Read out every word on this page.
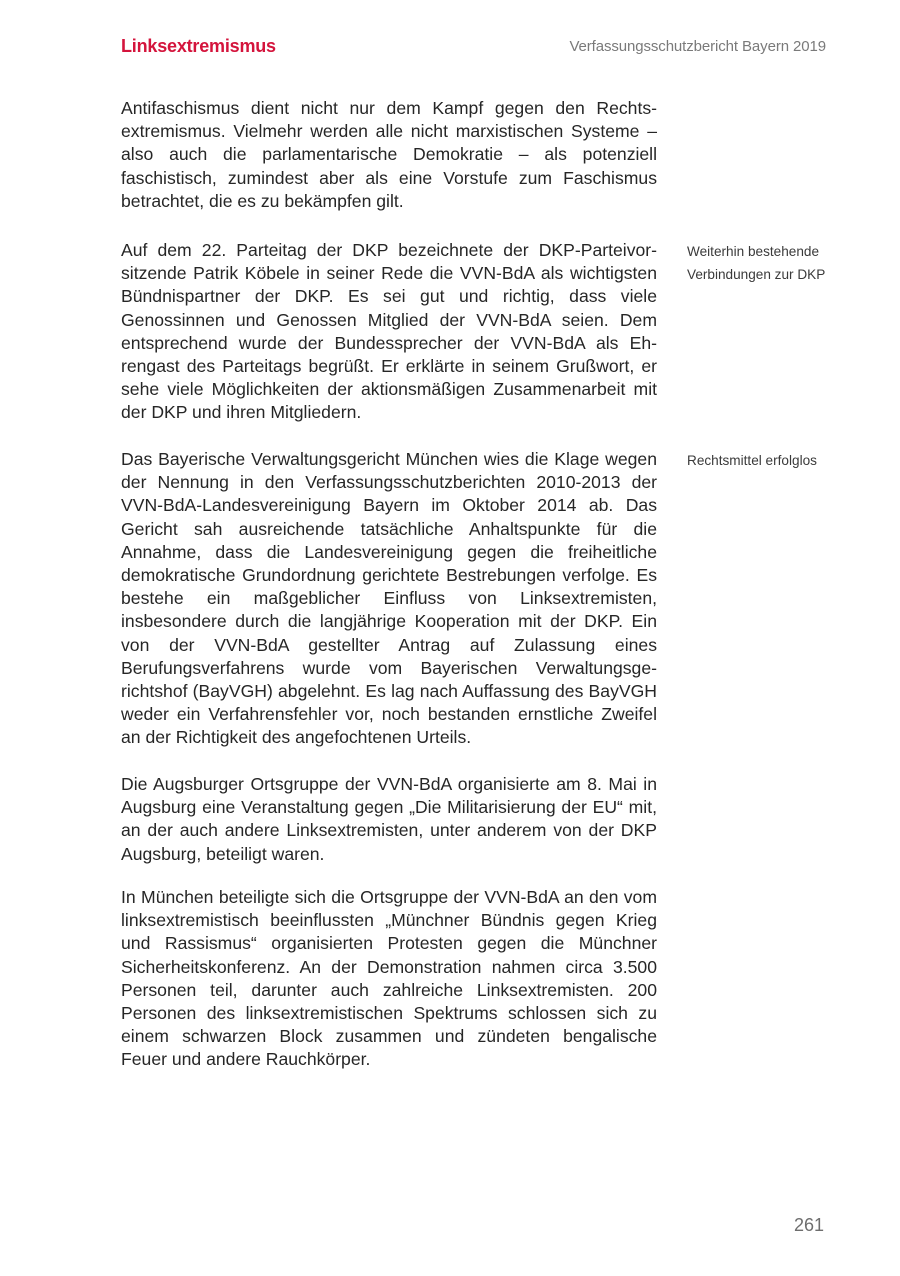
Linksextremismus	Verfassungsschutzbericht Bayern 2019

Antifaschismus dient nicht nur dem Kampf gegen den Rechtsextremismus. Vielmehr werden alle nicht marxistischen Systeme – also auch die parlamentarische Demokratie – als potenziell faschistisch, zumindest aber als eine Vorstufe zum Faschismus betrachtet, die es zu bekämpfen gilt.

Auf dem 22. Parteitag der DKP bezeichnete der DKP-Parteivorsitzende Patrik Köbele in seiner Rede die VVN-BdA als wichtigsten Bündnispartner der DKP. Es sei gut und richtig, dass viele Genossinnen und Genossen Mitglied der VVN-BdA seien. Dem entsprechend wurde der Bundessprecher der VVN-BdA als Ehrengast des Parteitags begrüßt. Er erklärte in seinem Grußwort, er sehe viele Möglichkeiten der aktionsmäßigen Zusammenarbeit mit der DKP und ihren Mitgliedern.

Das Bayerische Verwaltungsgericht München wies die Klage wegen der Nennung in den Verfassungsschutzberichten 2010-2013 der VVN-BdA-Landesvereinigung Bayern im Oktober 2014 ab. Das Gericht sah ausreichende tatsächliche Anhaltspunkte für die Annahme, dass die Landesvereinigung gegen die freiheitliche demokratische Grundordnung gerichtete Bestrebungen verfolge. Es bestehe ein maßgeblicher Einfluss von Linksextremisten, insbesondere durch die langjährige Kooperation mit der DKP. Ein von der VVN-BdA gestellter Antrag auf Zulassung eines Berufungsverfahrens wurde vom Bayerischen Verwaltungsgerichtshof (BayVGH) abgelehnt. Es lag nach Auffassung des BayVGH weder ein Verfahrensfehler vor, noch bestanden ernstliche Zweifel an der Richtigkeit des angefochtenen Urteils.

Die Augsburger Ortsgruppe der VVN-BdA organisierte am 8. Mai in Augsburg eine Veranstaltung gegen „Die Militarisierung der EU“ mit, an der auch andere Linksextremisten, unter anderem von der DKP Augsburg, beteiligt waren.

In München beteiligte sich die Ortsgruppe der VVN-BdA an den vom linksextremistisch beeinflussten „Münchner Bündnis gegen Krieg und Rassismus“ organisierten Protesten gegen die Münchner Sicherheitskonferenz. An der Demonstration nahmen circa 3.500 Personen teil, darunter auch zahlreiche Linksextremisten. 200 Personen des linksextremistischen Spektrums schlossen sich zu einem schwarzen Block zusammen und zündeten bengalische Feuer und andere Rauchkörper.

Weiterhin bestehende Verbindungen zur DKP
Rechtsmittel erfolglos
261
